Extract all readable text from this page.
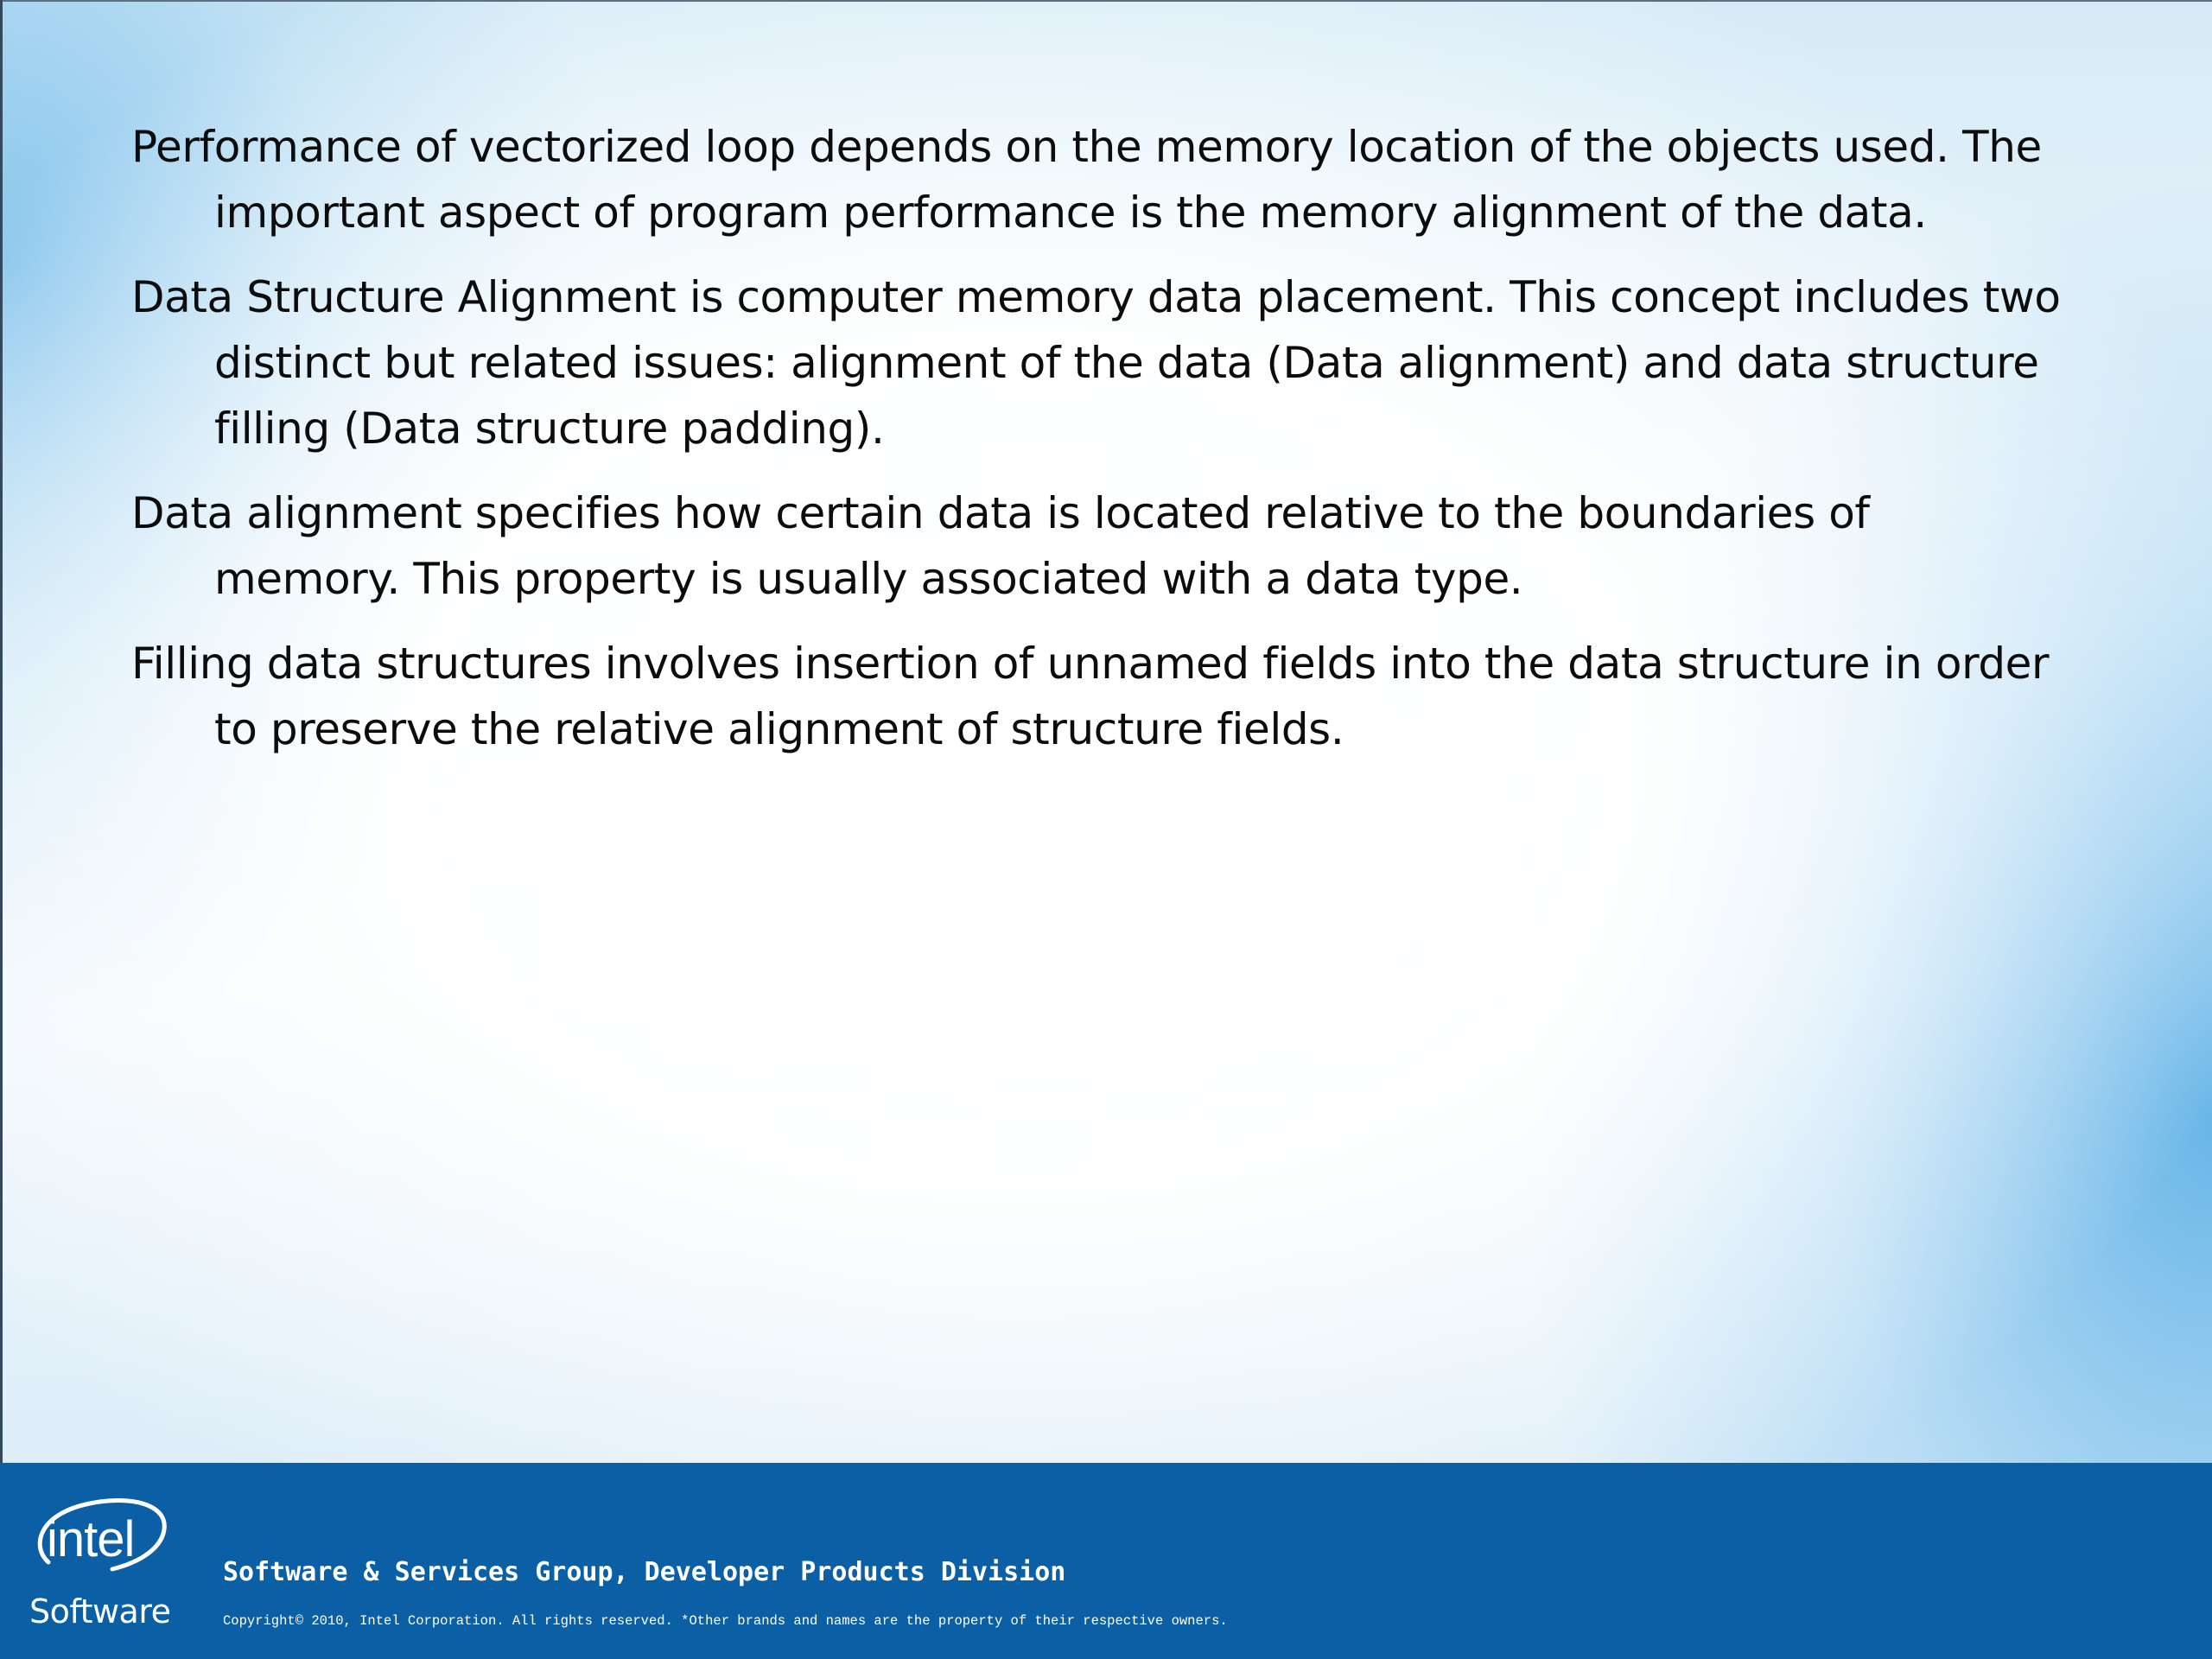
Performance of vectorized loop depends on the memory location of the objects used. The important aspect of program performance is the memory alignment of the data.

Data Structure Alignment is computer memory data placement. This concept includes two distinct but related issues: alignment of the data (Data alignment) and data structure filling (Data structure padding).

Data alignment specifies how certain data is located relative to the boundaries of memory. This property is usually associated with a data type.

Filling data structures involves insertion of unnamed fields into the data structure in order to preserve the relative alignment of structure fields.

intel
Software
Software & Services Group, Developer Products Division
Copyright© 2010, Intel Corporation. All rights reserved. *Other brands and names are the property of their respective owners.
